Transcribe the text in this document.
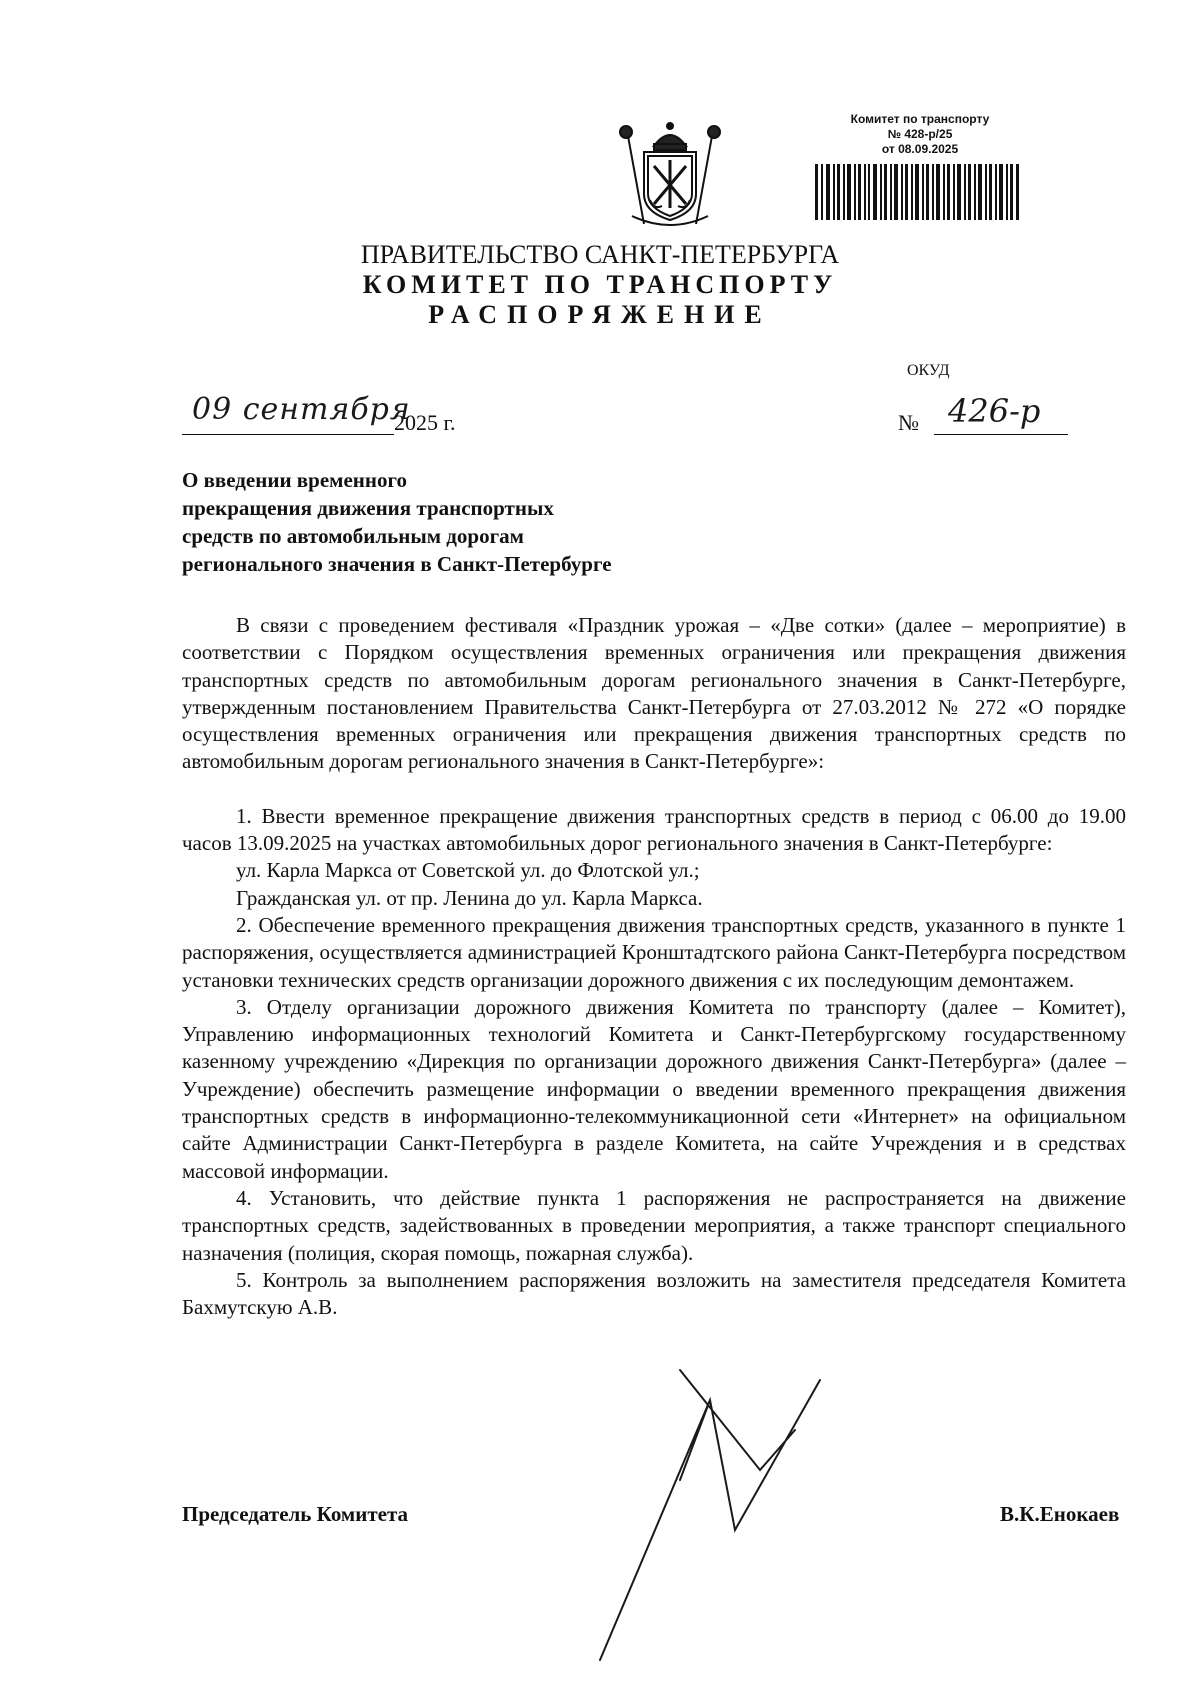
Комитет по транспорту
№ 428-р/25
от 08.09.2025
ПРАВИТЕЛЬСТВО САНКТ-ПЕТЕРБУРГА
КОМИТЕТ ПО ТРАНСПОРТУ
РАСПОРЯЖЕНИЕ
ОКУД
09 сентября
2025 г.	№ 426-р
О введении временного
прекращения движения транспортных
средств по автомобильным дорогам
регионального значения в Санкт-Петербурге
В связи с проведением фестиваля «Праздник урожая – «Две сотки» (далее – мероприятие) в соответствии с Порядком осуществления временных ограничения или прекращения движения транспортных средств по автомобильным дорогам регионального значения в Санкт-Петербурге, утвержденным постановлением Правительства Санкт-Петербурга от 27.03.2012 № 272 «О порядке осуществления временных ограничения или прекращения движения транспортных средств по автомобильным дорогам регионального значения в Санкт-Петербурге»:
1. Ввести временное прекращение движения транспортных средств в период с 06.00 до 19.00 часов 13.09.2025 на участках автомобильных дорог регионального значения в Санкт-Петербурге:
ул. Карла Маркса от Советской ул. до Флотской ул.;
Гражданская ул. от пр. Ленина до ул. Карла Маркса.
2. Обеспечение временного прекращения движения транспортных средств, указанного в пункте 1 распоряжения, осуществляется администрацией Кронштадтского района Санкт-Петербурга посредством установки технических средств организации дорожного движения с их последующим демонтажем.
3. Отделу организации дорожного движения Комитета по транспорту (далее – Комитет), Управлению информационных технологий Комитета и Санкт-Петербургскому государственному казенному учреждению «Дирекция по организации дорожного движения Санкт-Петербурга» (далее – Учреждение) обеспечить размещение информации о введении временного прекращения движения транспортных средств в информационно-телекоммуникационной сети «Интернет» на официальном сайте Администрации Санкт-Петербурга в разделе Комитета, на сайте Учреждения и в средствах массовой информации.
4. Установить, что действие пункта 1 распоряжения не распространяется на движение транспортных средств, задействованных в проведении мероприятия, а также транспорт специального назначения (полиция, скорая помощь, пожарная служба).
5. Контроль за выполнением распоряжения возложить на заместителя председателя Комитета Бахмутскую А.В.
Председатель Комитета	В.К.Енокаев
